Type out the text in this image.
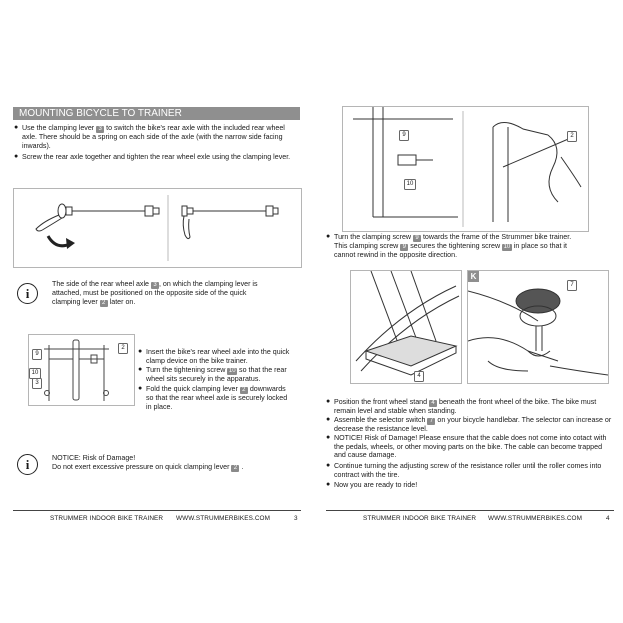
MOUNTING BICYCLE TO TRAINER
● Use the clamping lever 3 to switch the bike's rear axle with the included rear wheel axle. There should be a spring on each side of the axle (with the narrow side facing inwards).
● Screw the rear axle together and tighten the rear wheel exle using the clamping lever.
i
The side of the rear wheel axle 3 , on which the clamping lever is
attached, must be positioned on the opposite side of the quick
clamping lever 2 later on.
2
9
10
3
● Insert the bike's rear wheel axle into the quick clamp device on the bike trainer.
● Turn the tightening screw 10 so that the rear wheel sits securely in the apparatus.
● Fold the quick clamping lever 2 downwards so that the rear wheel axle is securely locked in place.
i	NOTICE: Risk of Damage!
Do not exert excessive pressure on quick clamping lever 2 .
STRUMMER INDOOR BIKE TRAINER WWW.STRUMMERBIKES.COM	3
9
10
2
● Turn the clamping screw 9 towards the frame of the Strummer bike trainer.
This clamping screw 9 secures the tightening screw 10 in place so that it
cannot rewind in the opposite direction.
4
K
7
● Position the front wheel stand 4 beneath the front wheel of the bike. The bike must remain level and stable when standing.
● Assemble the selector switch 7 on your bicycle handlebar. The selector can increase or decrease the resistance level.
● NOTICE! Risk of Damage! Please ensure that the cable does not come into cotact with the pedals, wheels, or other moving parts on the bike. The cable can become trapped and cause damage.
● Continue turning the adjusting screw of the resistance roller until the roller comes into contract with the tire.
● Now you are ready to ride!
STRUMMER INDOOR BIKE TRAINER WWW.STRUMMERBIKES.COM	4
